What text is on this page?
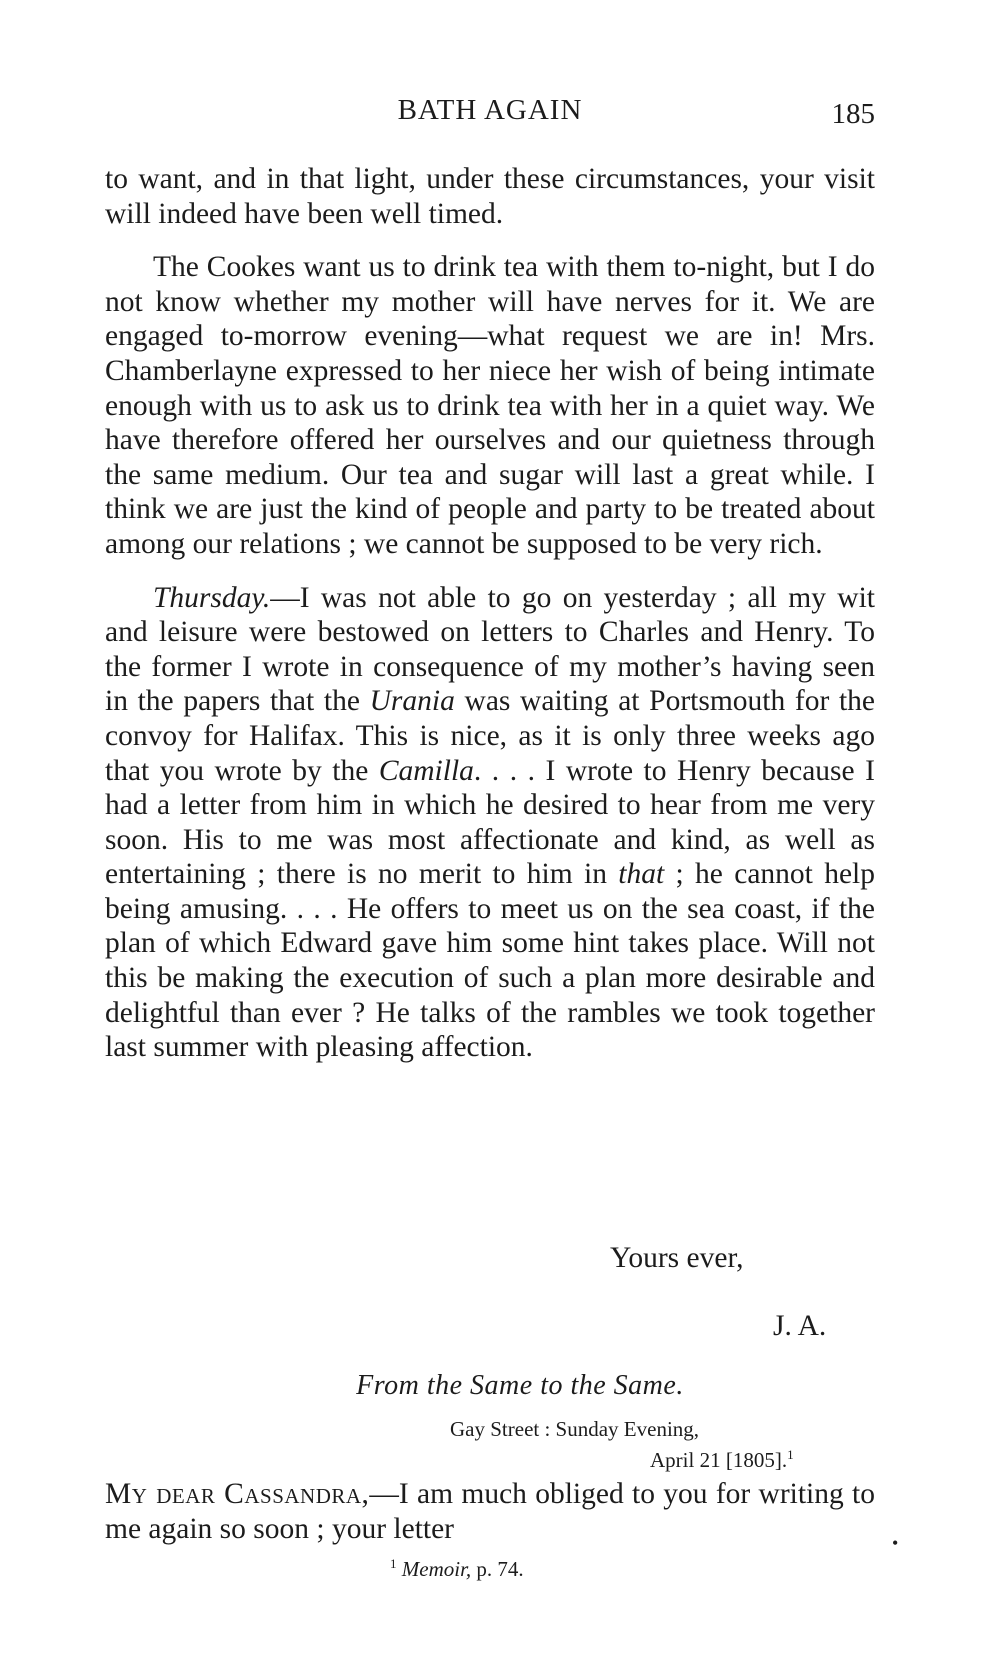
BATH AGAIN	185

to want, and in that light, under these circumstances, your visit will indeed have been well timed.

The Cookes want us to drink tea with them to-night, but I do not know whether my mother will have nerves for it. We are engaged to-morrow evening—what request we are in! Mrs. Chamberlayne expressed to her niece her wish of being intimate enough with us to ask us to drink tea with her in a quiet way. We have therefore offered her ourselves and our quietness through the same medium. Our tea and sugar will last a great while. I think we are just the kind of people and party to be treated about among our relations ; we cannot be supposed to be very rich.

Thursday.—I was not able to go on yesterday ; all my wit and leisure were bestowed on letters to Charles and Henry. To the former I wrote in consequence of my mother’s having seen in the papers that the Urania was waiting at Portsmouth for the convoy for Halifax. This is nice, as it is only three weeks ago that you wrote by the Camilla. . . . I wrote to Henry because I had a letter from him in which he desired to hear from me very soon. His to me was most affectionate and kind, as well as entertaining ; there is no merit to him in that ; he cannot help being amusing. . . . He offers to meet us on the sea coast, if the plan of which Edward gave him some hint takes place. Will not this be making the execution of such a plan more desirable and delightful than ever ? He talks of the rambles we took together last summer with pleasing affection.

Yours ever,
J. A.
From the Same to the Same.
Gay Street : Sunday Evening,
April 21 [1805].$^1$

My dear Cassandra,—I am much obliged to you for writing to me again so soon ; your letter	•
$^1$ Memoir, p. 74.
